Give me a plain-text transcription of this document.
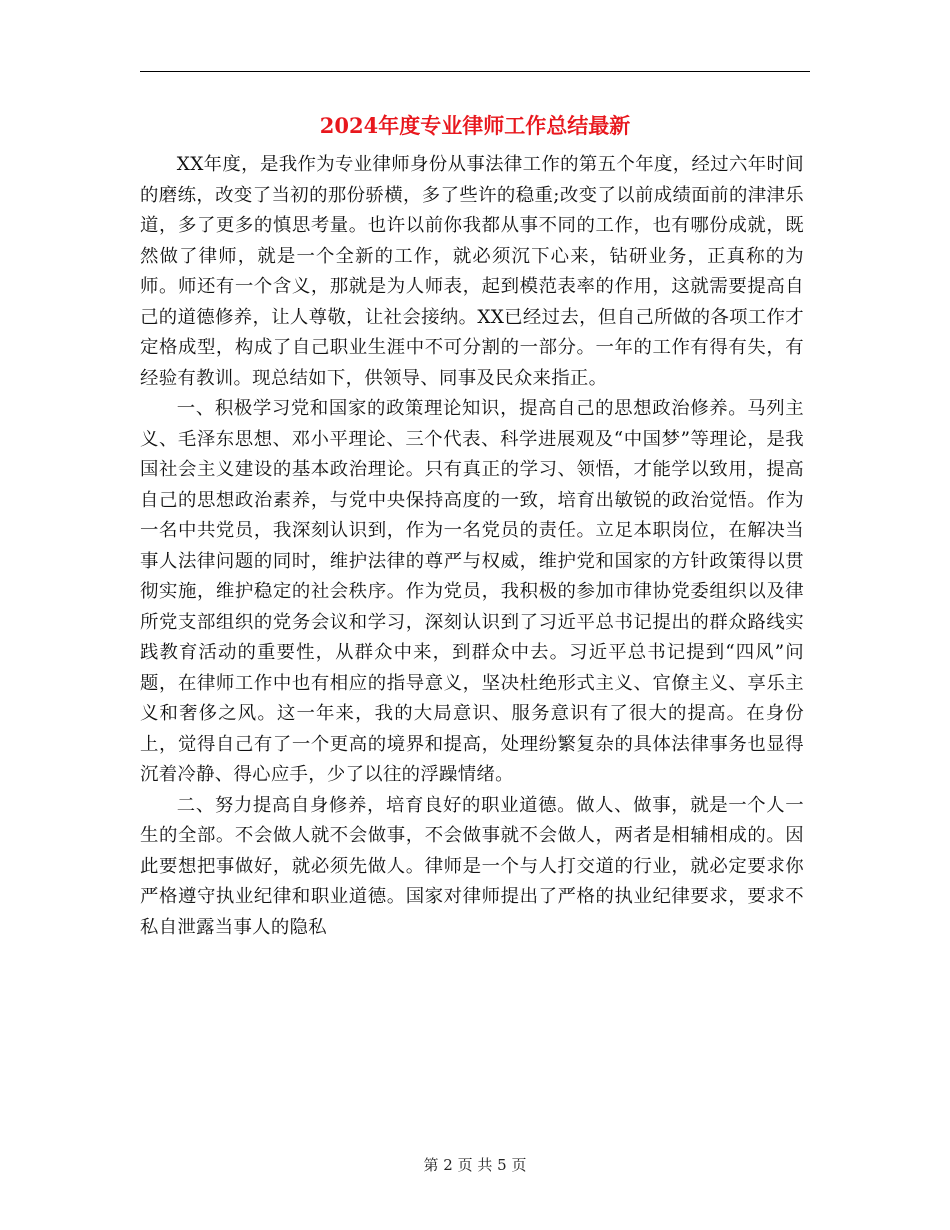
2024年度专业律师工作总结最新

XX年度，是我作为专业律师身份从事法律工作的第五个年度，经过六年时间的磨练，改变了当初的那份骄横，多了些许的稳重;改变了以前成绩面前的津津乐道，多了更多的慎思考量。也许以前你我都从事不同的工作，也有哪份成就，既然做了律师，就是一个全新的工作，就必须沉下心来，钻研业务，正真称的为师。师还有一个含义，那就是为人师表，起到模范表率的作用，这就需要提高自己的道德修养，让人尊敬，让社会接纳。XX已经过去，但自己所做的各项工作才定格成型，构成了自己职业生涯中不可分割的一部分。一年的工作有得有失，有经验有教训。现总结如下，供领导、同事及民众来指正。

一、积极学习党和国家的政策理论知识，提高自己的思想政治修养。马列主义、毛泽东思想、邓小平理论、三个代表、科学进展观及“中国梦”等理论，是我国社会主义建设的基本政治理论。只有真正的学习、领悟，才能学以致用，提高自己的思想政治素养，与党中央保持高度的一致，培育出敏锐的政治觉悟。作为一名中共党员，我深刻认识到，作为一名党员的责任。立足本职岗位，在解决当事人法律问题的同时，维护法律的尊严与权威，维护党和国家的方针政策得以贯彻实施，维护稳定的社会秩序。作为党员，我积极的参加市律协党委组织以及律所党支部组织的党务会议和学习，深刻认识到了习近平总书记提出的群众路线实践教育活动的重要性，从群众中来，到群众中去。习近平总书记提到“四风”问题，在律师工作中也有相应的指导意义，坚决杜绝形式主义、官僚主义、享乐主义和奢侈之风。这一年来，我的大局意识、服务意识有了很大的提高。在身份上，觉得自己有了一个更高的境界和提高，处理纷繁复杂的具体法律事务也显得沉着冷静、得心应手，少了以往的浮躁情绪。

二、努力提高自身修养，培育良好的职业道德。做人、做事，就是一个人一生的全部。不会做人就不会做事，不会做事就不会做人，两者是相辅相成的。因此要想把事做好，就必须先做人。律师是一个与人打交道的行业，就必定要求你严格遵守执业纪律和职业道德。国家对律师提出了严格的执业纪律要求，要求不私自泄露当事人的隐私

第 2 页 共 5 页
